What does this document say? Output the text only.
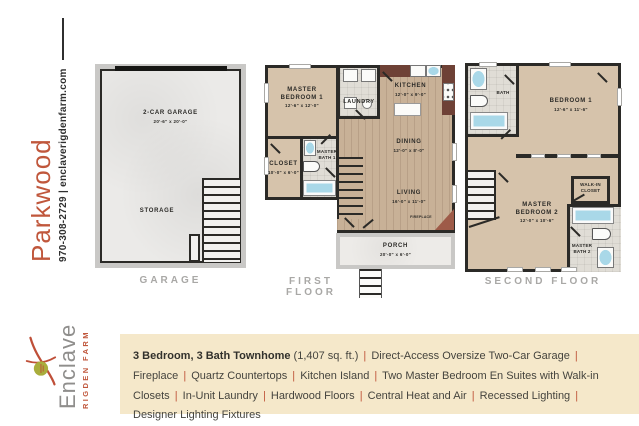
Parkwood 970-308-2729 | enclaverigdenfarm.com
Enclave RIGDEN FARM
2-CAR GARAGE
20'-6" x 20'-0"
STORAGE
GARAGE
FIREPLACE
MASTER BEDROOM 1
12'-6" x 12'-0"
LAUNDRY
KITCHEN
12'-0" x 9'-0"
CLOSET
10'-0" x 6'-0"
MASTER BATH 1
DINING
12'-0" x 8'-0"
LIVING
16'-0" x 11'-0"
PORCH
20'-0" x 6'-0"
FIRST FLOOR
BATH
BEDROOM 1
12'-6" x 11'-6"
MASTER BEDROOM 2
12'-0" x 10'-6"
WALK-IN CLOSET
MASTER BATH 2
SECOND FLOOR
3 Bedroom, 3 Bath Townhome (1,407 sq. ft.) | Direct-Access Oversize Two-Car Garage | Fireplace | Quartz Countertops | Kitchen Island | Two Master Bedroom En Suites with Walk-in Closets | In-Unit Laundry | Hardwood Floors | Central Heat and Air | Recessed Lighting | Designer Lighting Fixtures
